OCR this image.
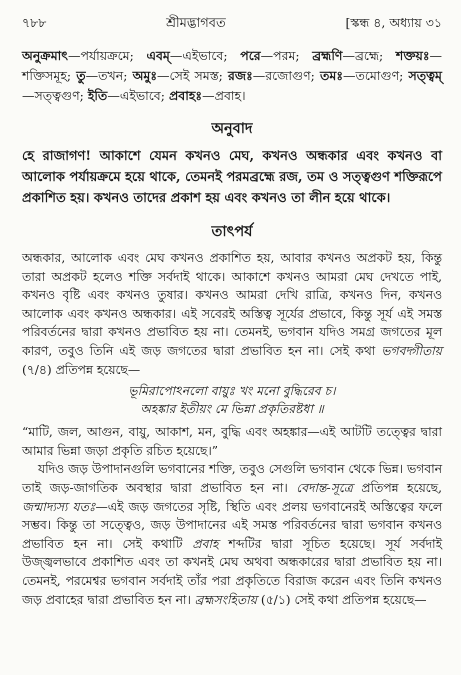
৭৮৮	শ্রীমদ্ভাগবত	[স্কন্ধ ৪, অধ্যায় ৩১
অনুক্রমাৎ—পর্যায়ক্রমে; এবম্—এইভাবে; পরে—পরম; ব্রহ্মণি—ব্রহ্মে; শক্তয়ঃ—শক্তিসমূহ; তু—তখন; অমুঃ—সেই সমস্ত; রজঃ—রজোগুণ; তমঃ—তমোগুণ; সত্ত্বম্—সত্ত্বগুণ; ইতি—এইভাবে; প্রবাহঃ—প্রবাহ।
অনুবাদ
হে রাজাগণ! আকাশে যেমন কখনও মেঘ, কখনও অন্ধকার এবং কখনও বা আলোক পর্যায়ক্রমে হয়ে থাকে, তেমনই পরমব্রহ্মে রজ, তম ও সত্ত্বগুণ শক্তিরূপে প্রকাশিত হয়। কখনও তাদের প্রকাশ হয় এবং কখনও তা লীন হয়ে থাকে।
তাৎপর্য

অন্ধকার, আলোক এবং মেঘ কখনও প্রকাশিত হয়, আবার কখনও অপ্রকট হয়, কিন্তু তারা অপ্রকট হলেও শক্তি সর্বদাই থাকে। আকাশে কখনও আমরা মেঘ দেখতে পাই, কখনও বৃষ্টি এবং কখনও তুষার। কখনও আমরা দেখি রাত্রি, কখনও দিন, কখনও আলোক এবং কখনও অন্ধকার। এই সবেরই অস্তিত্ব সূর্যের প্রভাবে, কিন্তু সূর্য এই সমস্ত পরিবর্তনের দ্বারা কখনও প্রভাবিত হয় না। তেমনই, ভগবান যদিও সমগ্র জগতের মূল কারণ, তবুও তিনি এই জড় জগতের দ্বারা প্রভাবিত হন না। সেই কথা ভগবদ্গীতায় (৭/৪) প্রতিপন্ন হয়েছে—

ভূমিরাপোঽনলো বায়ুঃ খং মনো বুদ্ধিরেব চ।
অহঙ্কার ইতীয়ং মে ভিন্না প্রকৃতিরষ্টধা ॥

“মাটি, জল, আগুন, বায়ু, আকাশ, মন, বুদ্ধি এবং অহঙ্কার—এই আটটি তত্ত্বের দ্বারা আমার ভিন্না জড়া প্রকৃতি রচিত হয়েছে।”

যদিও জড় উপাদানগুলি ভগবানের শক্তি, তবুও সেগুলি ভগবান থেকে ভিন্ন। ভগবান তাই জড়-জাগতিক অবস্থার দ্বারা প্রভাবিত হন না। বেদান্ত-সূত্রে প্রতিপন্ন হয়েছে, জন্মাদ্যস্য যতঃ—এই জড় জগতের সৃষ্টি, স্থিতি এবং প্রলয় ভগবানেরই অস্তিত্বের ফলে সম্ভব। কিন্তু তা সত্ত্বেও, জড় উপাদানের এই সমস্ত পরিবর্তনের দ্বারা ভগবান কখনও প্রভাবিত হন না। সেই কথাটি প্রবাহ শব্দটির দ্বারা সূচিত হয়েছে। সূর্য সর্বদাই উজ্জ্বলভাবে প্রকাশিত এবং তা কখনই মেঘ অথবা অন্ধকারের দ্বারা প্রভাবিত হয় না। তেমনই, পরমেশ্বর ভগবান সর্বদাই তাঁর পরা প্রকৃতিতে বিরাজ করেন এবং তিনি কখনও জড় প্রবাহের দ্বারা প্রভাবিত হন না। ব্রহ্মসংহিতায় (৫/১) সেই কথা প্রতিপন্ন হয়েছে—
